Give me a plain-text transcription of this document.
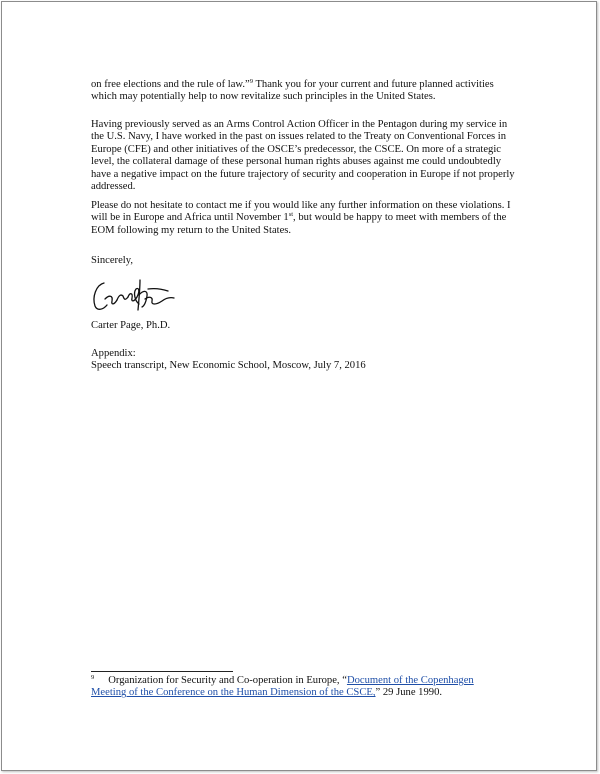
on free elections and the rule of law.”$^9$ Thank you for your current and future planned activities which may potentially help to now revitalize such principles in the United States.

Having previously served as an Arms Control Action Officer in the Pentagon during my service in the U.S. Navy, I have worked in the past on issues related to the Treaty on Conventional Forces in Europe (CFE) and other initiatives of the OSCE’s predecessor, the CSCE. On more of a strategic level, the collateral damage of these personal human rights abuses against me could undoubtedly have a negative impact on the future trajectory of security and cooperation in Europe if not properly addressed.

Please do not hesitate to contact me if you would like any further information on these violations. I will be in Europe and Africa until November 1st, but would be happy to meet with members of the EOM following my return to the United States.

Sincerely,
Carter Page, Ph.D.
Appendix:
Speech transcript, New Economic School, Moscow, July 7, 2016
$^9$ Organization for Security and Co-operation in Europe, “Document of the Copenhagen Meeting of the Conference on the Human Dimension of the CSCE,” 29 June 1990.
